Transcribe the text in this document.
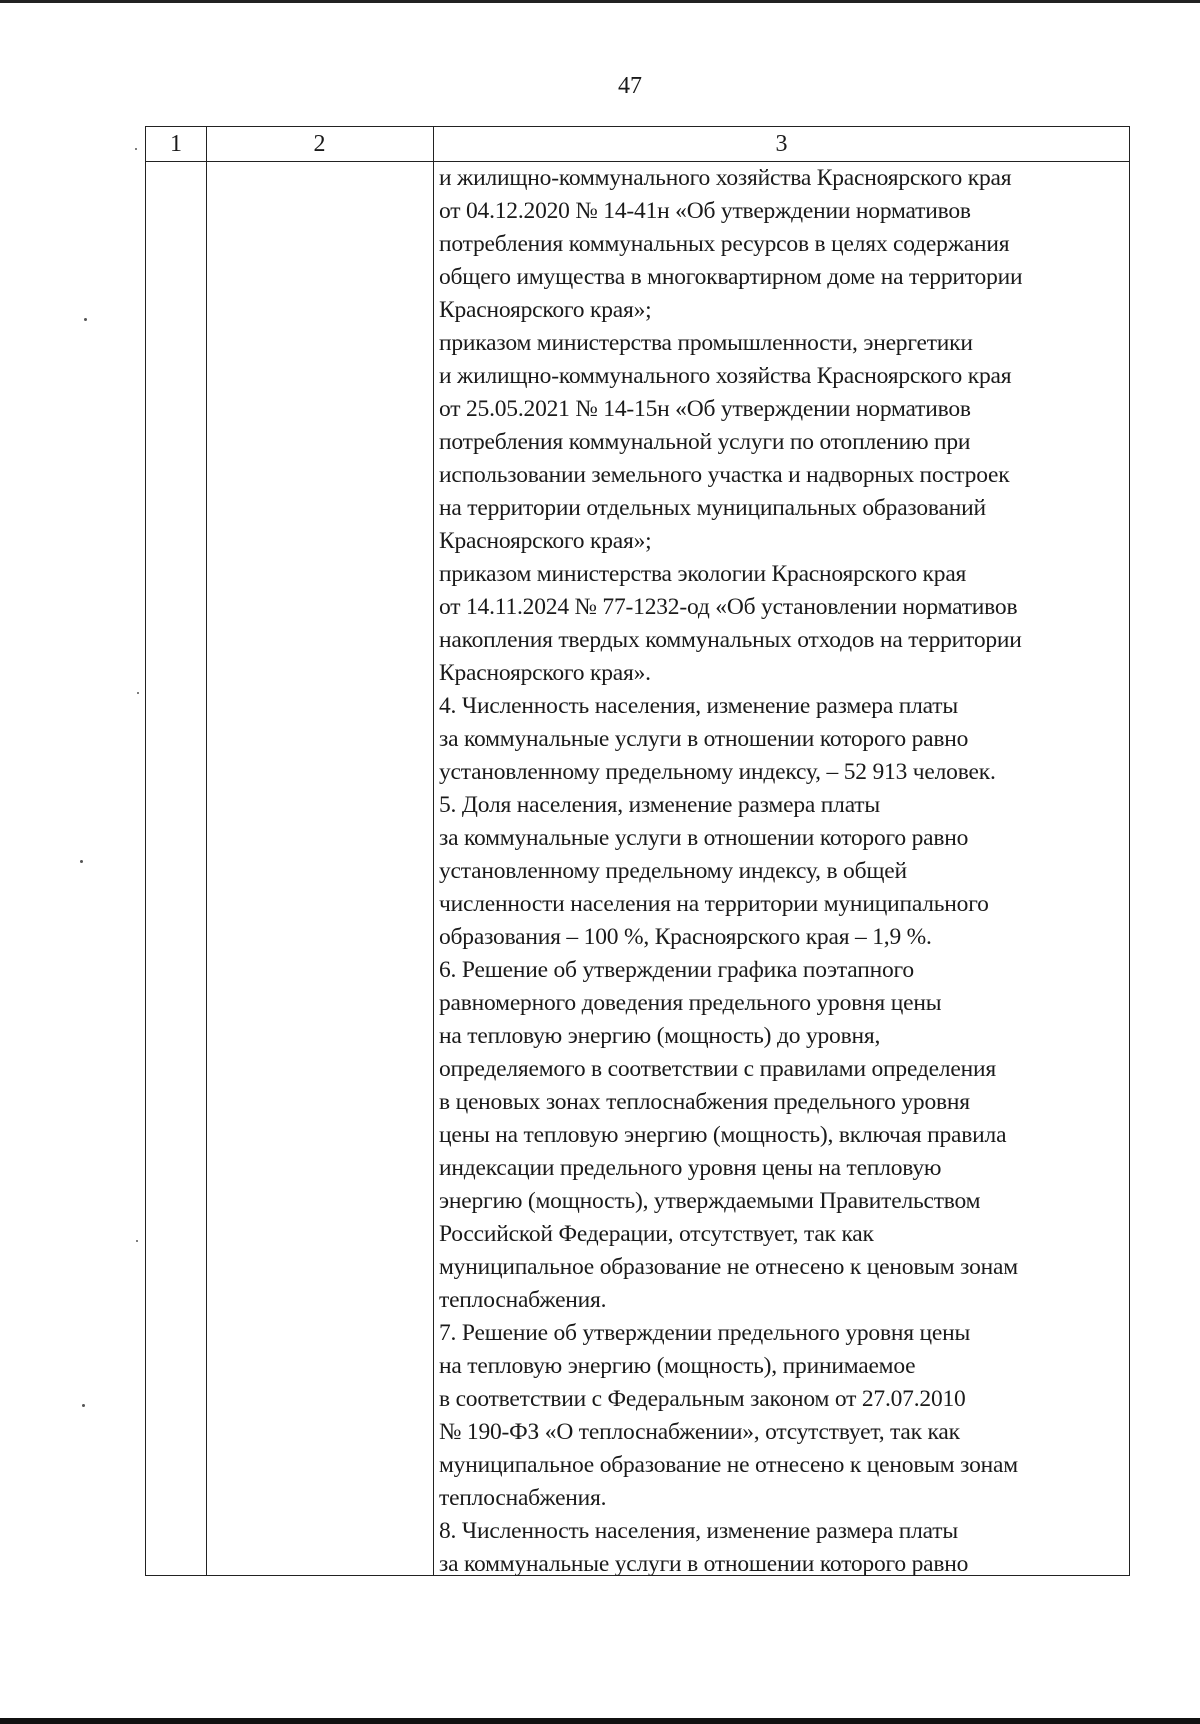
47
1	2	3
и жилищно-коммунального хозяйства Красноярского края
от 04.12.2020 № 14-41н «Об утверждении нормативов
потребления коммунальных ресурсов в целях содержания
общего имущества в многоквартирном доме на территории
Красноярского края»;
приказом министерства промышленности, энергетики
и жилищно-коммунального хозяйства Красноярского края
от 25.05.2021 № 14-15н «Об утверждении нормативов
потребления коммунальной услуги по отоплению при
использовании земельного участка и надворных построек
на территории отдельных муниципальных образований
Красноярского края»;
приказом министерства экологии Красноярского края
от 14.11.2024 № 77-1232-од «Об установлении нормативов
накопления твердых коммунальных отходов на территории
Красноярского края».
4. Численность населения, изменение размера платы
за коммунальные услуги в отношении которого равно
установленному предельному индексу, – 52 913 человек.
5. Доля населения, изменение размера платы
за коммунальные услуги в отношении которого равно
установленному предельному индексу, в общей
численности населения на территории муниципального
образования – 100 %, Красноярского края – 1,9 %.
6. Решение об утверждении графика поэтапного
равномерного доведения предельного уровня цены
на тепловую энергию (мощность) до уровня,
определяемого в соответствии с правилами определения
в ценовых зонах теплоснабжения предельного уровня
цены на тепловую энергию (мощность), включая правила
индексации предельного уровня цены на тепловую
энергию (мощность), утверждаемыми Правительством
Российской Федерации, отсутствует, так как
муниципальное образование не отнесено к ценовым зонам
теплоснабжения.
7. Решение об утверждении предельного уровня цены
на тепловую энергию (мощность), принимаемое
в соответствии с Федеральным законом от 27.07.2010
№ 190-ФЗ «О теплоснабжении», отсутствует, так как
муниципальное образование не отнесено к ценовым зонам
теплоснабжения.
8. Численность населения, изменение размера платы
за коммунальные услуги в отношении которого равно
